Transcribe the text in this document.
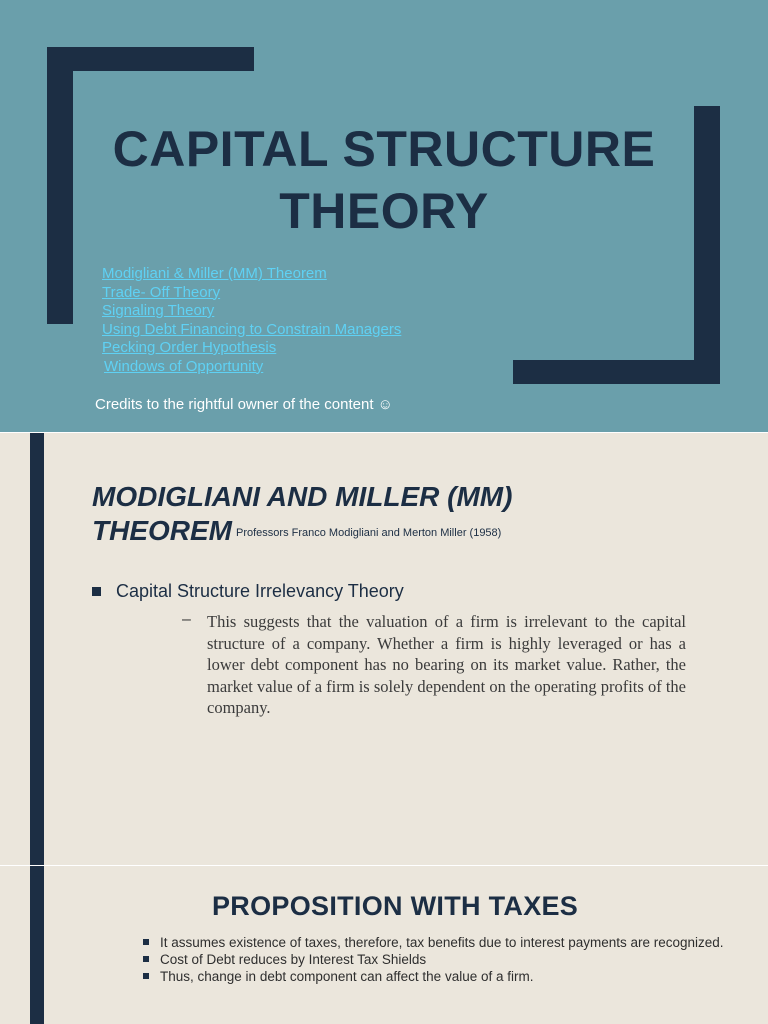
CAPITAL STRUCTURE
THEORY
Modigliani & Miller (MM) Theorem
Trade- Off Theory
Signaling Theory
Using Debt Financing to Constrain Managers
Pecking Order Hypothesis
Windows of Opportunity

Credits to the rightful owner of the content ☺

MODIGLIANI AND MILLER (MM)
THEOREM Professors Franco Modigliani and Merton Miller (1958)
Capital Structure Irrelevancy Theory
– This suggests that the valuation of a firm is irrelevant to the capital structure of a company. Whether a firm is highly leveraged or has a lower debt component has no bearing on its market value. Rather, the market value of a firm is solely dependent on the operating profits of the company.

PROPOSITION WITH TAXES
It assumes existence of taxes, therefore, tax benefits due to interest payments are recognized.
Cost of Debt reduces by Interest Tax Shields
Thus, change in debt component can affect the value of a firm.
